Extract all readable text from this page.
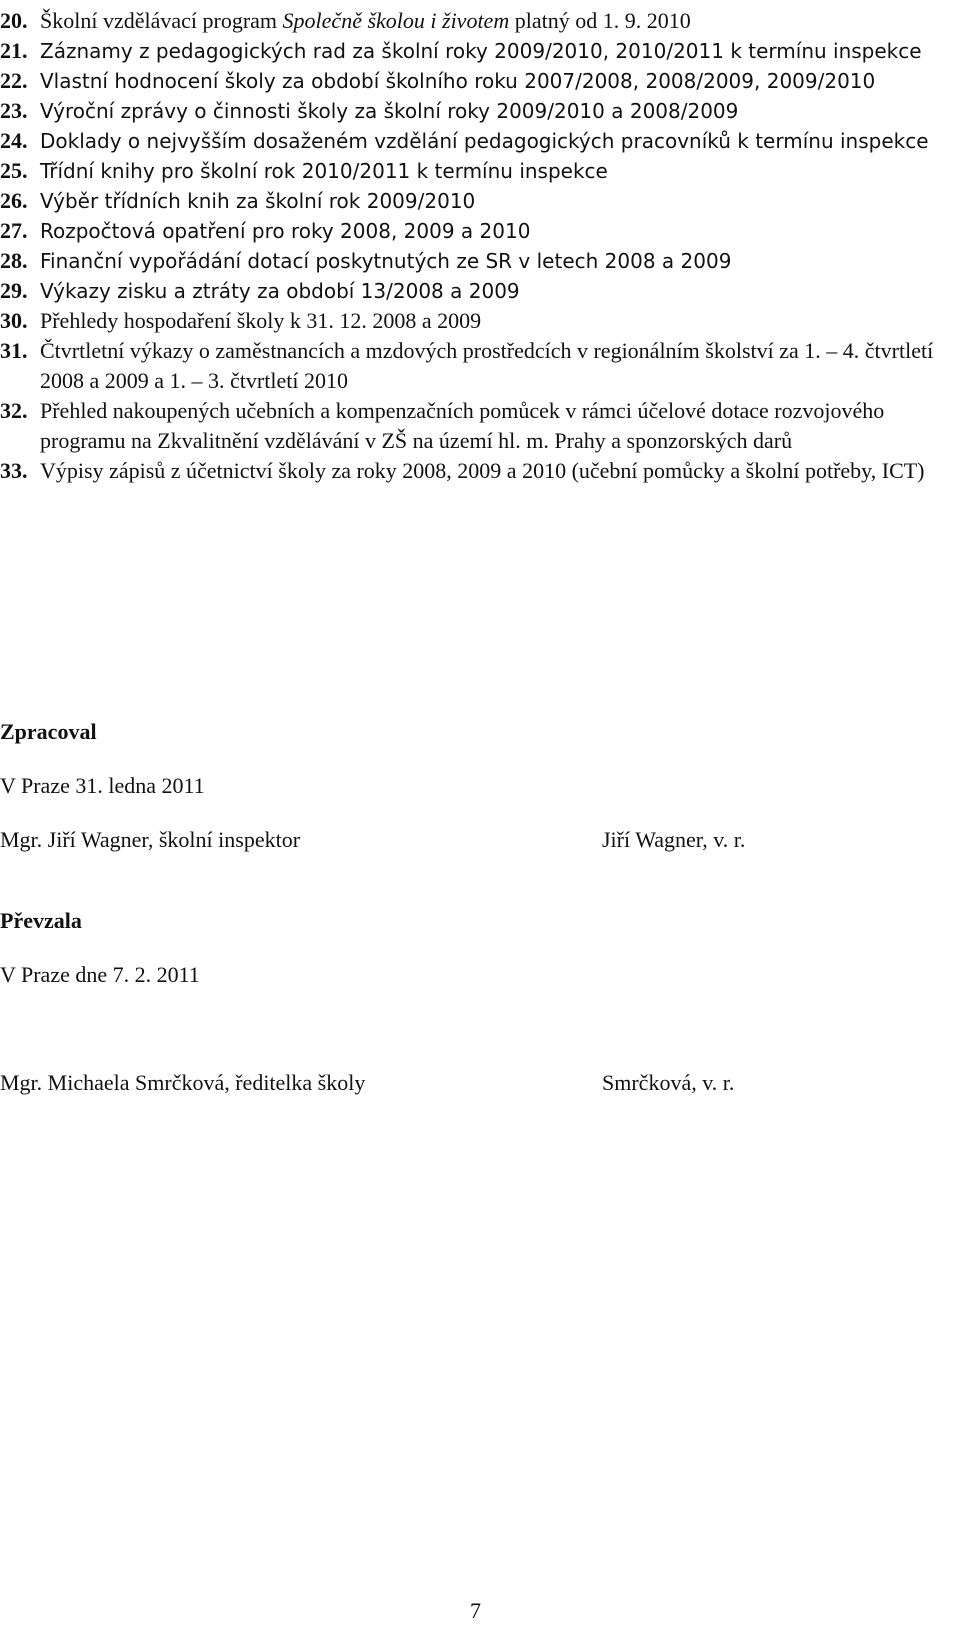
20. Školní vzdělávací program Společně školou i životem platný od 1. 9. 2010
21. Záznamy z pedagogických rad za školní roky 2009/2010, 2010/2011 k termínu inspekce
22. Vlastní hodnocení školy za období školního roku 2007/2008, 2008/2009, 2009/2010
23. Výroční zprávy o činnosti školy za školní roky 2009/2010 a 2008/2009
24. Doklady o nejvyšším dosaženém vzdělání pedagogických pracovníků k termínu inspekce
25. Třídní knihy pro školní rok 2010/2011 k termínu inspekce
26. Výběr třídních knih za školní rok 2009/2010
27. Rozpočtová opatření pro roky 2008, 2009 a 2010
28. Finanční vypořádání dotací poskytnutých ze SR v letech 2008 a 2009
29. Výkazy zisku a ztráty za období 13/2008 a 2009
30. Přehledy hospodaření školy k 31. 12. 2008 a 2009
31. Čtvrtletní výkazy o zaměstnancích a mzdových prostředcích v regionálním školství za 1. – 4. čtvrtletí 2008 a 2009 a 1. – 3. čtvrtletí 2010
32. Přehled nakoupených učebních a kompenzačních pomůcek v rámci účelové dotace rozvojového programu na Zkvalitnění vzdělávání v ZŠ na území hl. m. Prahy a sponzorských darů
33. Výpisy zápisů z účetnictví školy za roky 2008, 2009 a 2010 (učební pomůcky a školní potřeby, ICT)
Zpracoval
V Praze 31. ledna 2011
Mgr. Jiří Wagner, školní inspektor	Jiří Wagner, v. r.
Převzala
V Praze dne 7. 2. 2011
Mgr. Michaela Smrčková, ředitelka školy	Smrčková, v. r.
7
